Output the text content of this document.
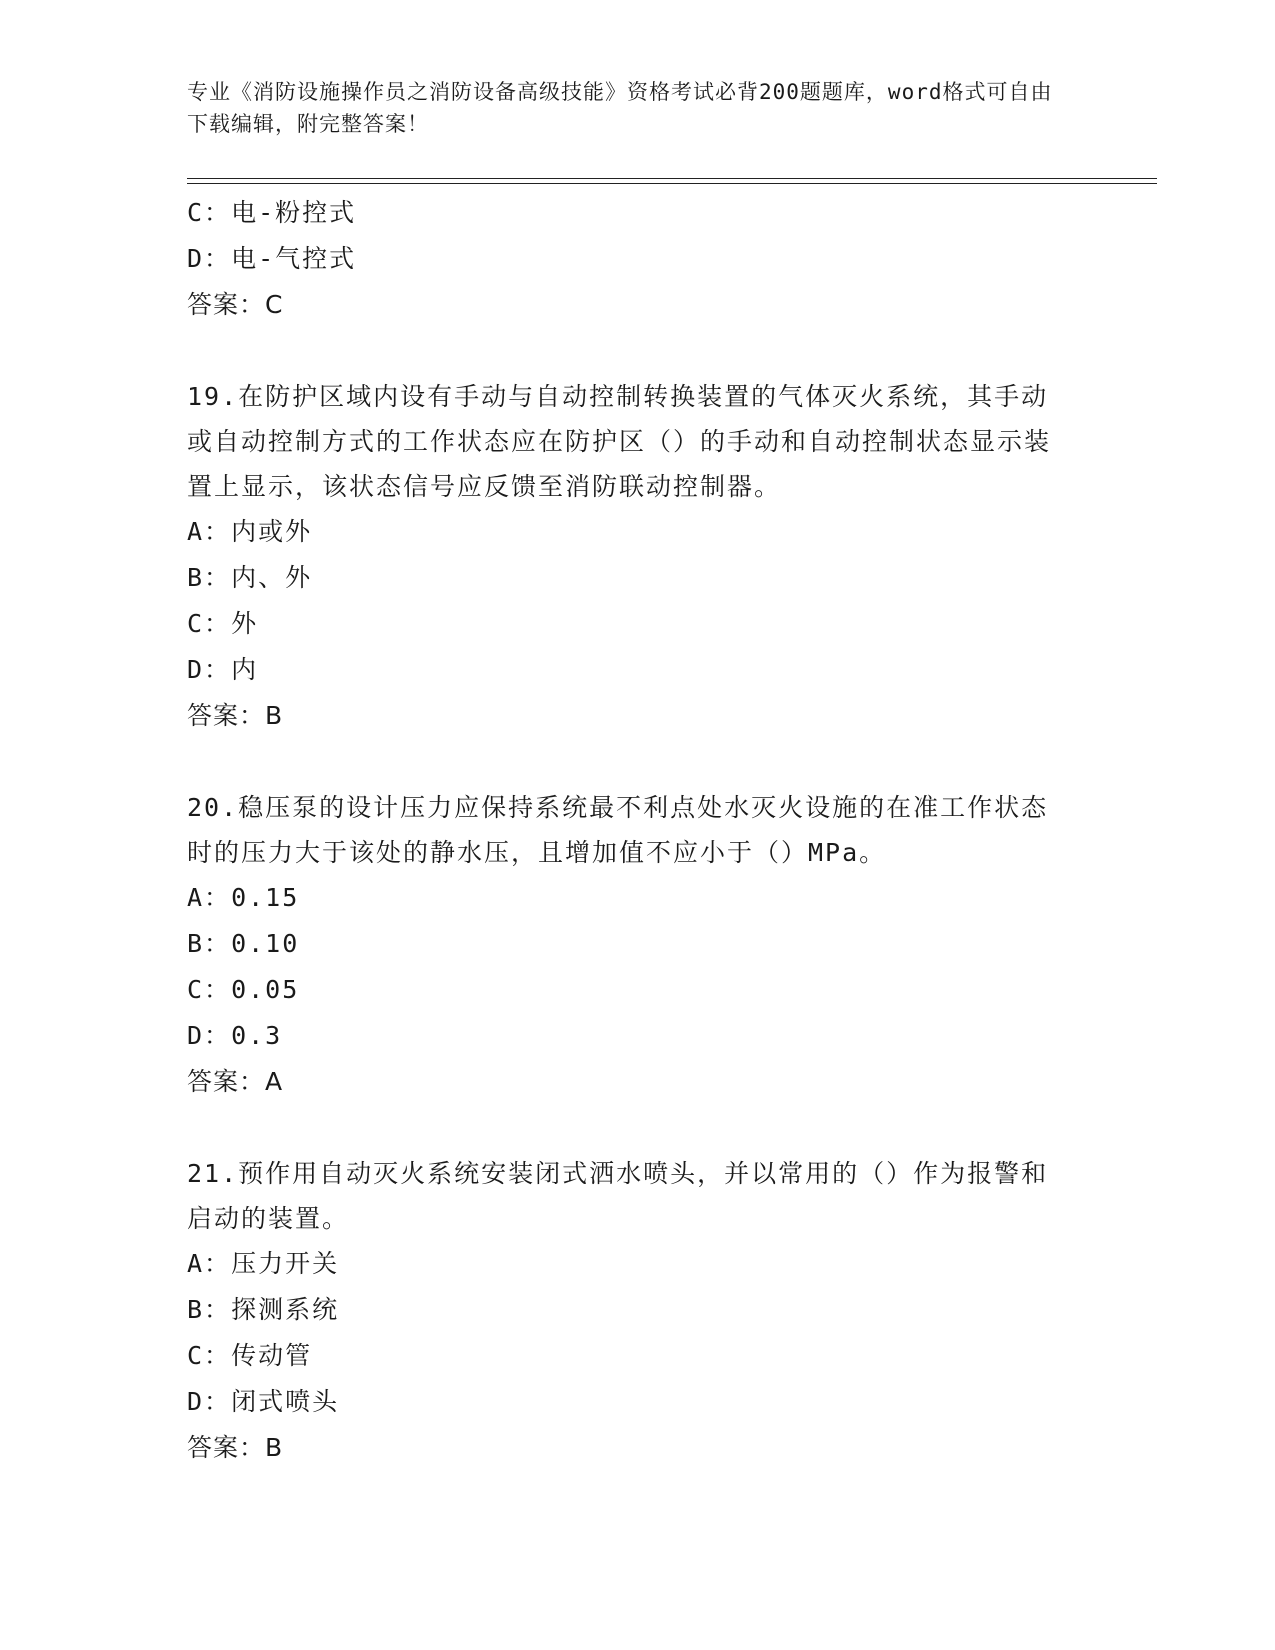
专业《消防设施操作员之消防设备高级技能》资格考试必背200题题库，word格式可自由下载编辑，附完整答案！
C：电-粉控式
D：电-气控式
答案：C
19.在防护区域内设有手动与自动控制转换装置的气体灭火系统，其手动或自动控制方式的工作状态应在防护区（）的手动和自动控制状态显示装置上显示，该状态信号应反馈至消防联动控制器。
A：内或外
B：内、外
C：外
D：内
答案：B
20.稳压泵的设计压力应保持系统最不利点处水灭火设施的在准工作状态时的压力大于该处的静水压，且增加值不应小于（）MPa。
A：0.15
B：0.10
C：0.05
D：0.3
答案：A
21.预作用自动灭火系统安装闭式洒水喷头，并以常用的（）作为报警和启动的装置。
A：压力开关
B：探测系统
C：传动管
D：闭式喷头
答案：B
